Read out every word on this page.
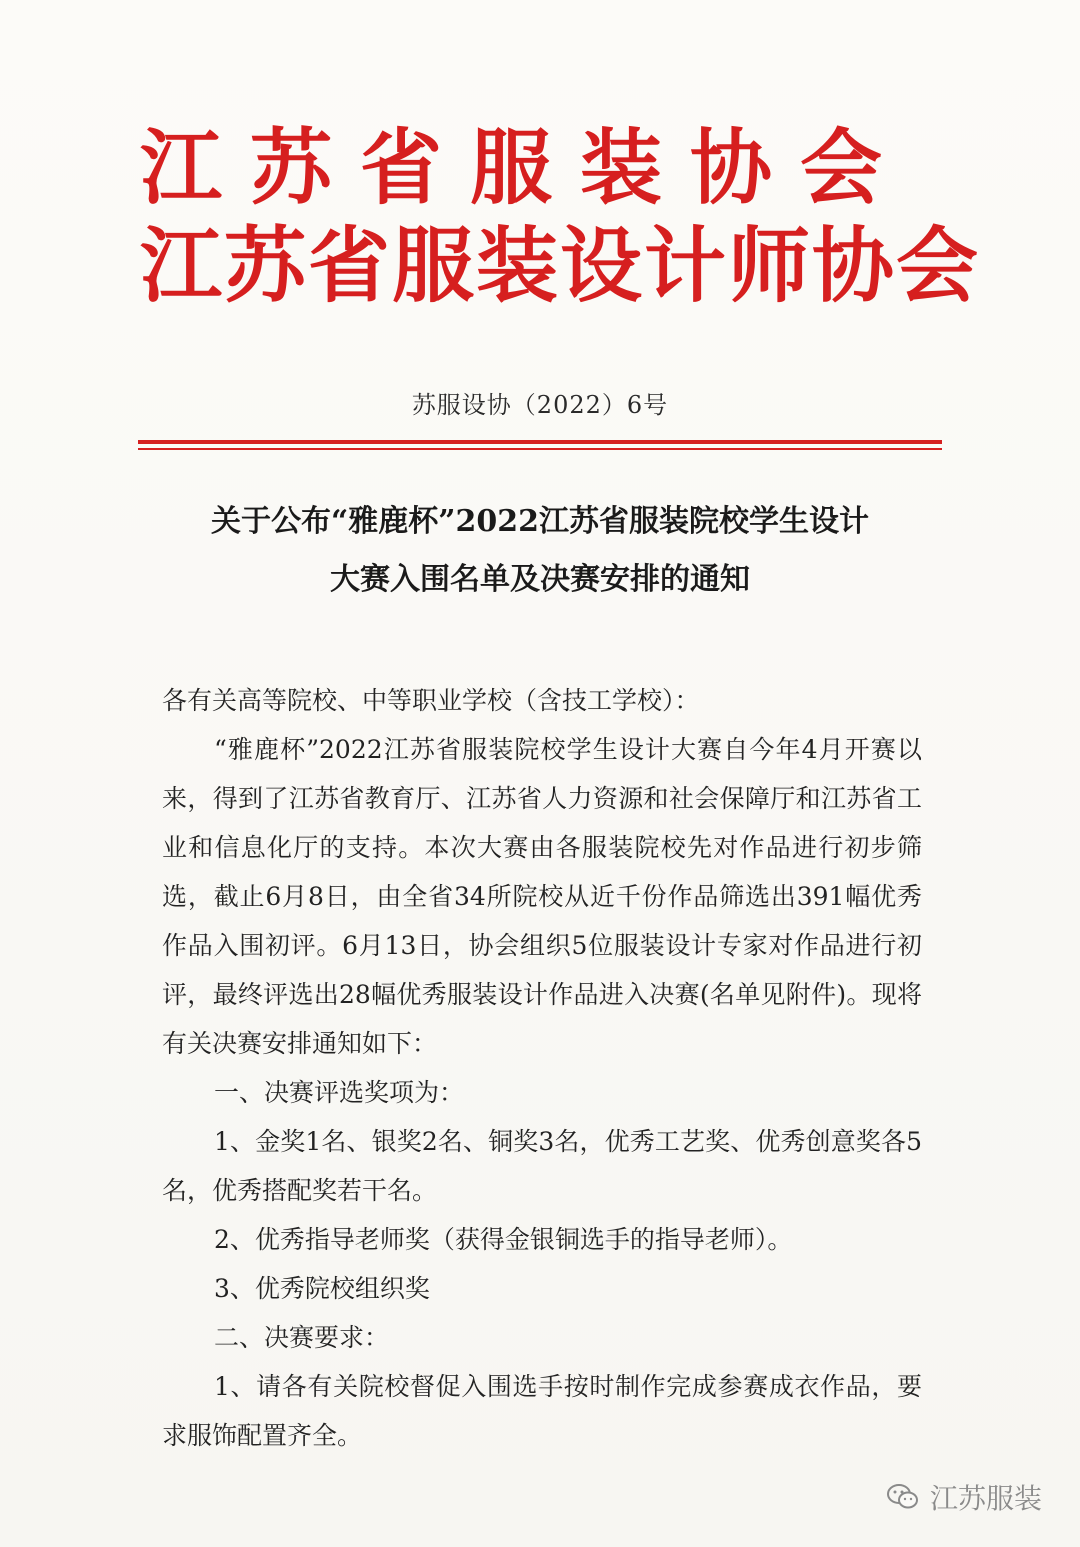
江苏省服装协会
江苏省服装设计师协会
苏服设协（2022）6号
关于公布“雅鹿杯”2022江苏省服装院校学生设计
大赛入围名单及决赛安排的通知

各有关高等院校、中等职业学校（含技工学校）：

“雅鹿杯”2022江苏省服装院校学生设计大赛自今年4月开赛以来，得到了江苏省教育厅、江苏省人力资源和社会保障厅和江苏省工业和信息化厅的支持。本次大赛由各服装院校先对作品进行初步筛选，截止6月8日，由全省34所院校从近千份作品筛选出391幅优秀作品入围初评。6月13日，协会组织5位服装设计专家对作品进行初评，最终评选出28幅优秀服装设计作品进入决赛(名单见附件)。现将有关决赛安排通知如下：

一、决赛评选奖项为：

1、金奖1名、银奖2名、铜奖3名，优秀工艺奖、优秀创意奖各5名，优秀搭配奖若干名。

2、优秀指导老师奖（获得金银铜选手的指导老师）。

3、优秀院校组织奖

二、决赛要求：

1、请各有关院校督促入围选手按时制作完成参赛成衣作品，要求服饰配置齐全。

江苏服装
